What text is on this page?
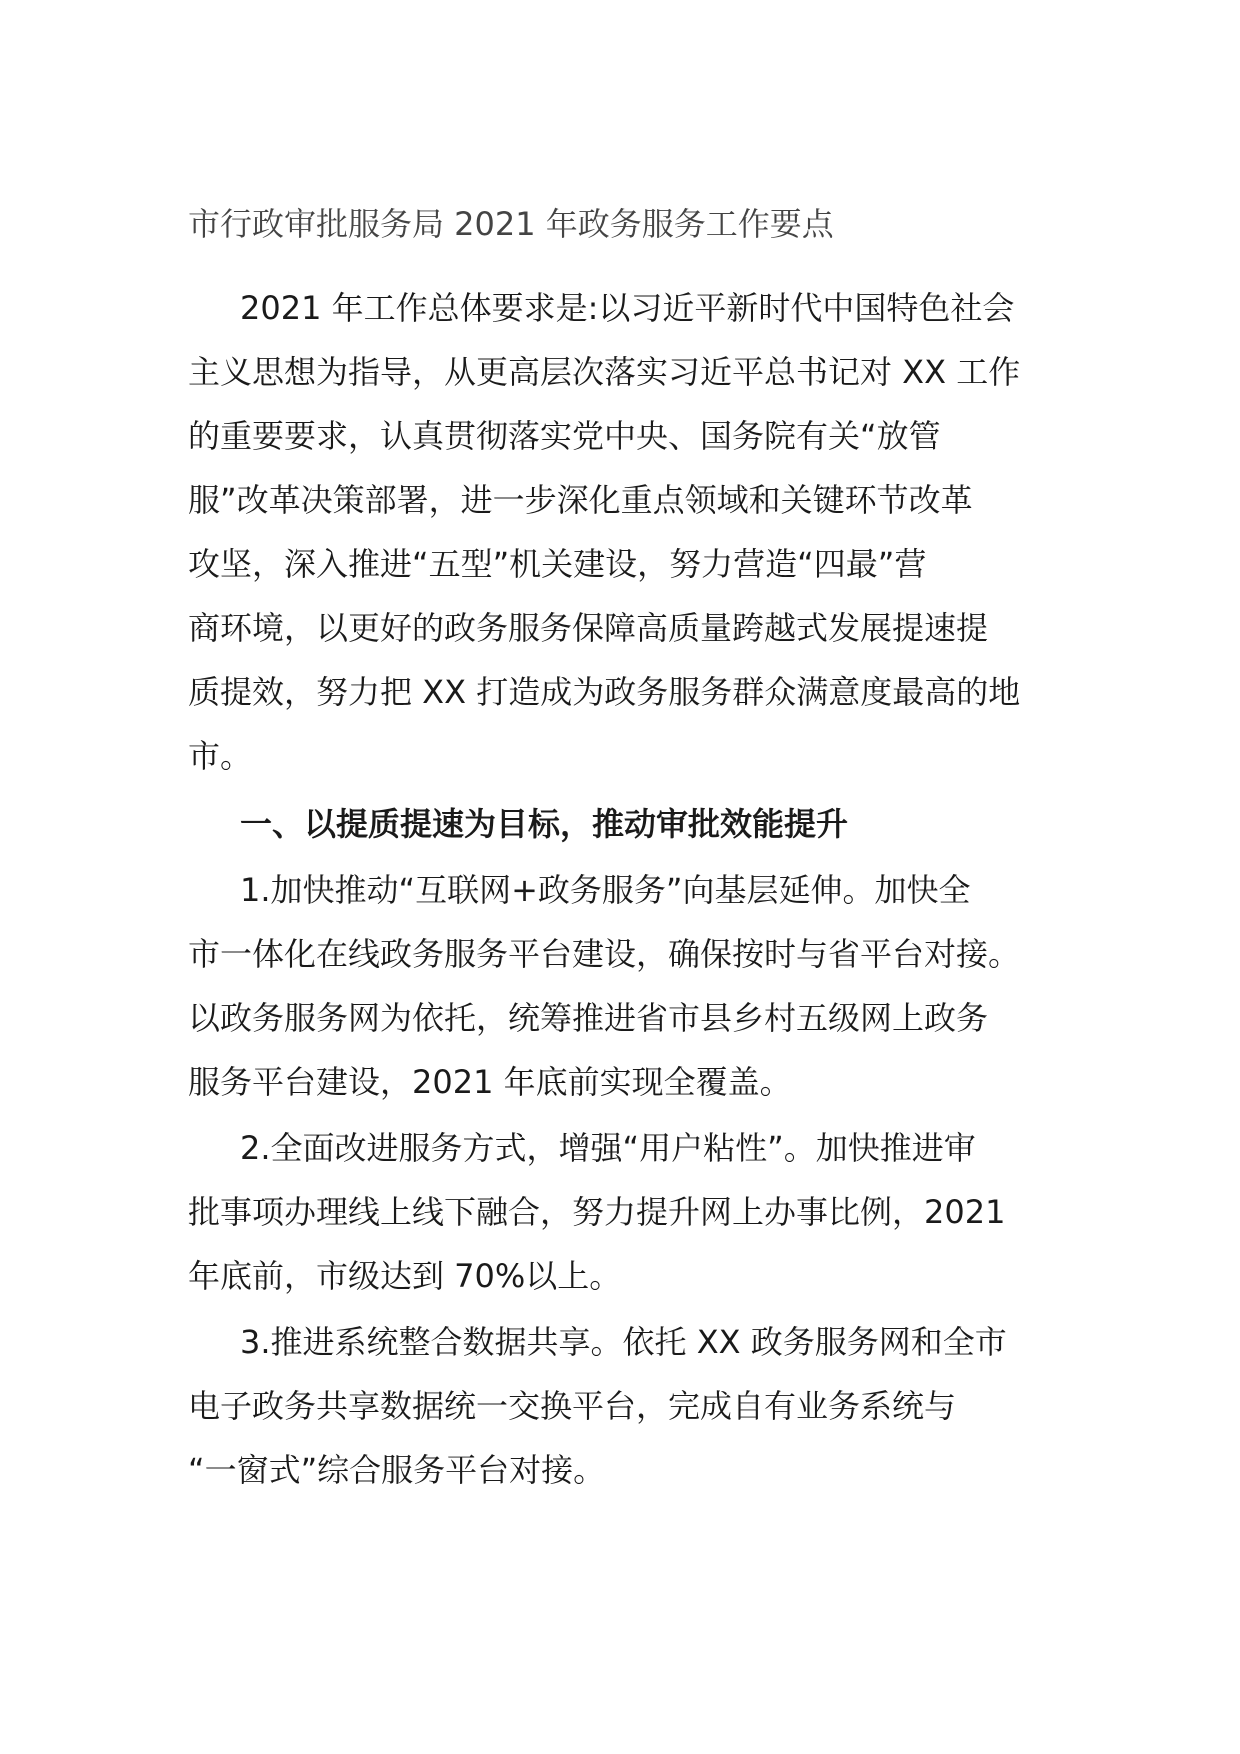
市行政审批服务局 2021 年政务服务工作要点

2021 年工作总体要求是:以习近平新时代中国特色社会

主义思想为指导，从更高层次落实习近平总书记对 XX 工作

的重要要求，认真贯彻落实党中央、国务院有关“放管

服”改革决策部署，进一步深化重点领域和关键环节改革

攻坚，深入推进“五型”机关建设，努力营造“四最”营

商环境，以更好的政务服务保障高质量跨越式发展提速提

质提效，努力把 XX 打造成为政务服务群众满意度最高的地

市。

一、以提质提速为目标，推动审批效能提升

1.加快推动“互联网+政务服务”向基层延伸。加快全

市一体化在线政务服务平台建设，确保按时与省平台对接。

以政务服务网为依托，统筹推进省市县乡村五级网上政务

服务平台建设，2021 年底前实现全覆盖。

2.全面改进服务方式，增强“用户粘性”。加快推进审

批事项办理线上线下融合，努力提升网上办事比例，2021

年底前，市级达到 70%以上。

3.推进系统整合数据共享。依托 XX 政务服务网和全市

电子政务共享数据统一交换平台，完成自有业务系统与

“一窗式”综合服务平台对接。
